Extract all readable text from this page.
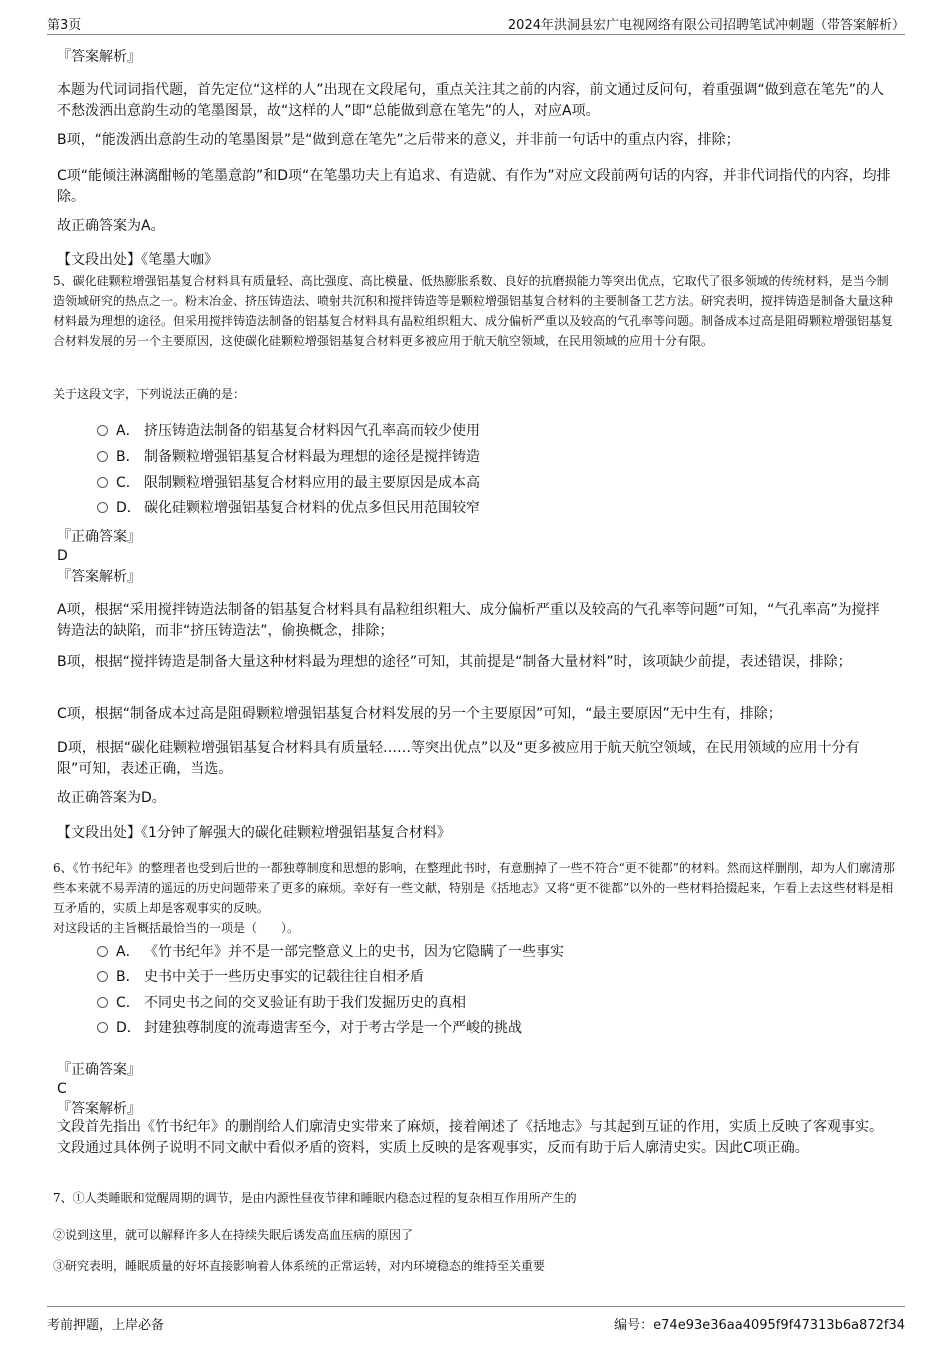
第3页	2024年洪洞县宏广电视网络有限公司招聘笔试冲刺题（带答案解析）
『答案解析』
本题为代词词指代题，首先定位“这样的人”出现在文段尾句，重点关注其之前的内容，前文通过反问句，着重强调“做到意在笔先”的人不愁泼洒出意韵生动的笔墨图景，故“这样的人”即“总能做到意在笔先”的人，对应A项。
B项，“能泼洒出意韵生动的笔墨图景”是“做到意在笔先”之后带来的意义，并非前一句话中的重点内容，排除；
C项“能倾注淋漓酣畅的笔墨意韵”和D项“在笔墨功夫上有追求、有造就、有作为”对应文段前两句话的内容，并非代词指代的内容，均排除。
故正确答案为A。
【文段出处】《笔墨大咖》
5、碳化硅颗粒增强铝基复合材料具有质量轻、高比强度、高比模量、低热膨胀系数、良好的抗磨损能力等突出优点，它取代了很多领域的传统材料，是当今制造领域研究的热点之一。粉末冶金、挤压铸造法、喷射共沉积和搅拌铸造等是颗粒增强铝基复合材料的主要制备工艺方法。研究表明，搅拌铸造是制备大量这种材料最为理想的途径。但采用搅拌铸造法制备的铝基复合材料具有晶粒组织粗大、成分偏析严重以及较高的气孔率等问题。制备成本过高是阻碍颗粒增强铝基复合材料发展的另一个主要原因，这使碳化硅颗粒增强铝基复合材料更多被应用于航天航空领域，在民用领域的应用十分有限。
关于这段文字，下列说法正确的是：
A． 挤压铸造法制备的铝基复合材料因气孔率高而较少使用
B． 制备颗粒增强铝基复合材料最为理想的途径是搅拌铸造
C． 限制颗粒增强铝基复合材料应用的最主要原因是成本高
D． 碳化硅颗粒增强铝基复合材料的优点多但民用范围较窄
『正确答案』
D
『答案解析』
A项，根据“采用搅拌铸造法制备的铝基复合材料具有晶粒组织粗大、成分偏析严重以及较高的气孔率等问题”可知，“气孔率高”为搅拌铸造法的缺陷，而非“挤压铸造法”，偷换概念，排除；
B项，根据“搅拌铸造是制备大量这种材料最为理想的途径”可知，其前提是“制备大量材料”时，该项缺少前提，表述错误，排除；
C项，根据“制备成本过高是阻碍颗粒增强铝基复合材料发展的另一个主要原因”可知，“最主要原因”无中生有，排除；
D项，根据“碳化硅颗粒增强铝基复合材料具有质量轻……等突出优点”以及“更多被应用于航天航空领域，在民用领域的应用十分有限”可知，表述正确，当选。
故正确答案为D。
【文段出处】《1分钟了解强大的碳化硅颗粒增强铝基复合材料》
6、《竹书纪年》的整理者也受到后世的一都独尊制度和思想的影响，在整理此书时，有意删掉了一些不符合“更不徙都”的材料。然而这样删削，却为人们廓清那些本来就不易弄清的遥远的历史问题带来了更多的麻烦。幸好有一些文献，特别是《括地志》又将“更不徙都”以外的一些材料拾掇起来，乍看上去这些材料是相互矛盾的，实质上却是客观事实的反映。
对这段话的主旨概括最恰当的一项是（　　）。
A． 《竹书纪年》并不是一部完整意义上的史书，因为它隐瞒了一些事实
B． 史书中关于一些历史事实的记载往往自相矛盾
C． 不同史书之间的交叉验证有助于我们发掘历史的真相
D． 封建独尊制度的流毒遗害至今，对于考古学是一个严峻的挑战
『正确答案』
C
『答案解析』
文段首先指出《竹书纪年》的删削给人们廓清史实带来了麻烦，接着阐述了《括地志》与其起到互证的作用，实质上反映了客观事实。文段通过具体例子说明不同文献中看似矛盾的资料，实质上反映的是客观事实，反而有助于后人廓清史实。因此C项正确。
7、①人类睡眠和觉醒周期的调节，是由内源性昼夜节律和睡眠内稳态过程的复杂相互作用所产生的
②说到这里，就可以解释许多人在持续失眠后诱发高血压病的原因了
③研究表明，睡眠质量的好坏直接影响着人体系统的正常运转，对内环境稳态的维持至关重要
考前押题，上岸必备	编号：e74e93e36aa4095f9f47313b6a872f34
